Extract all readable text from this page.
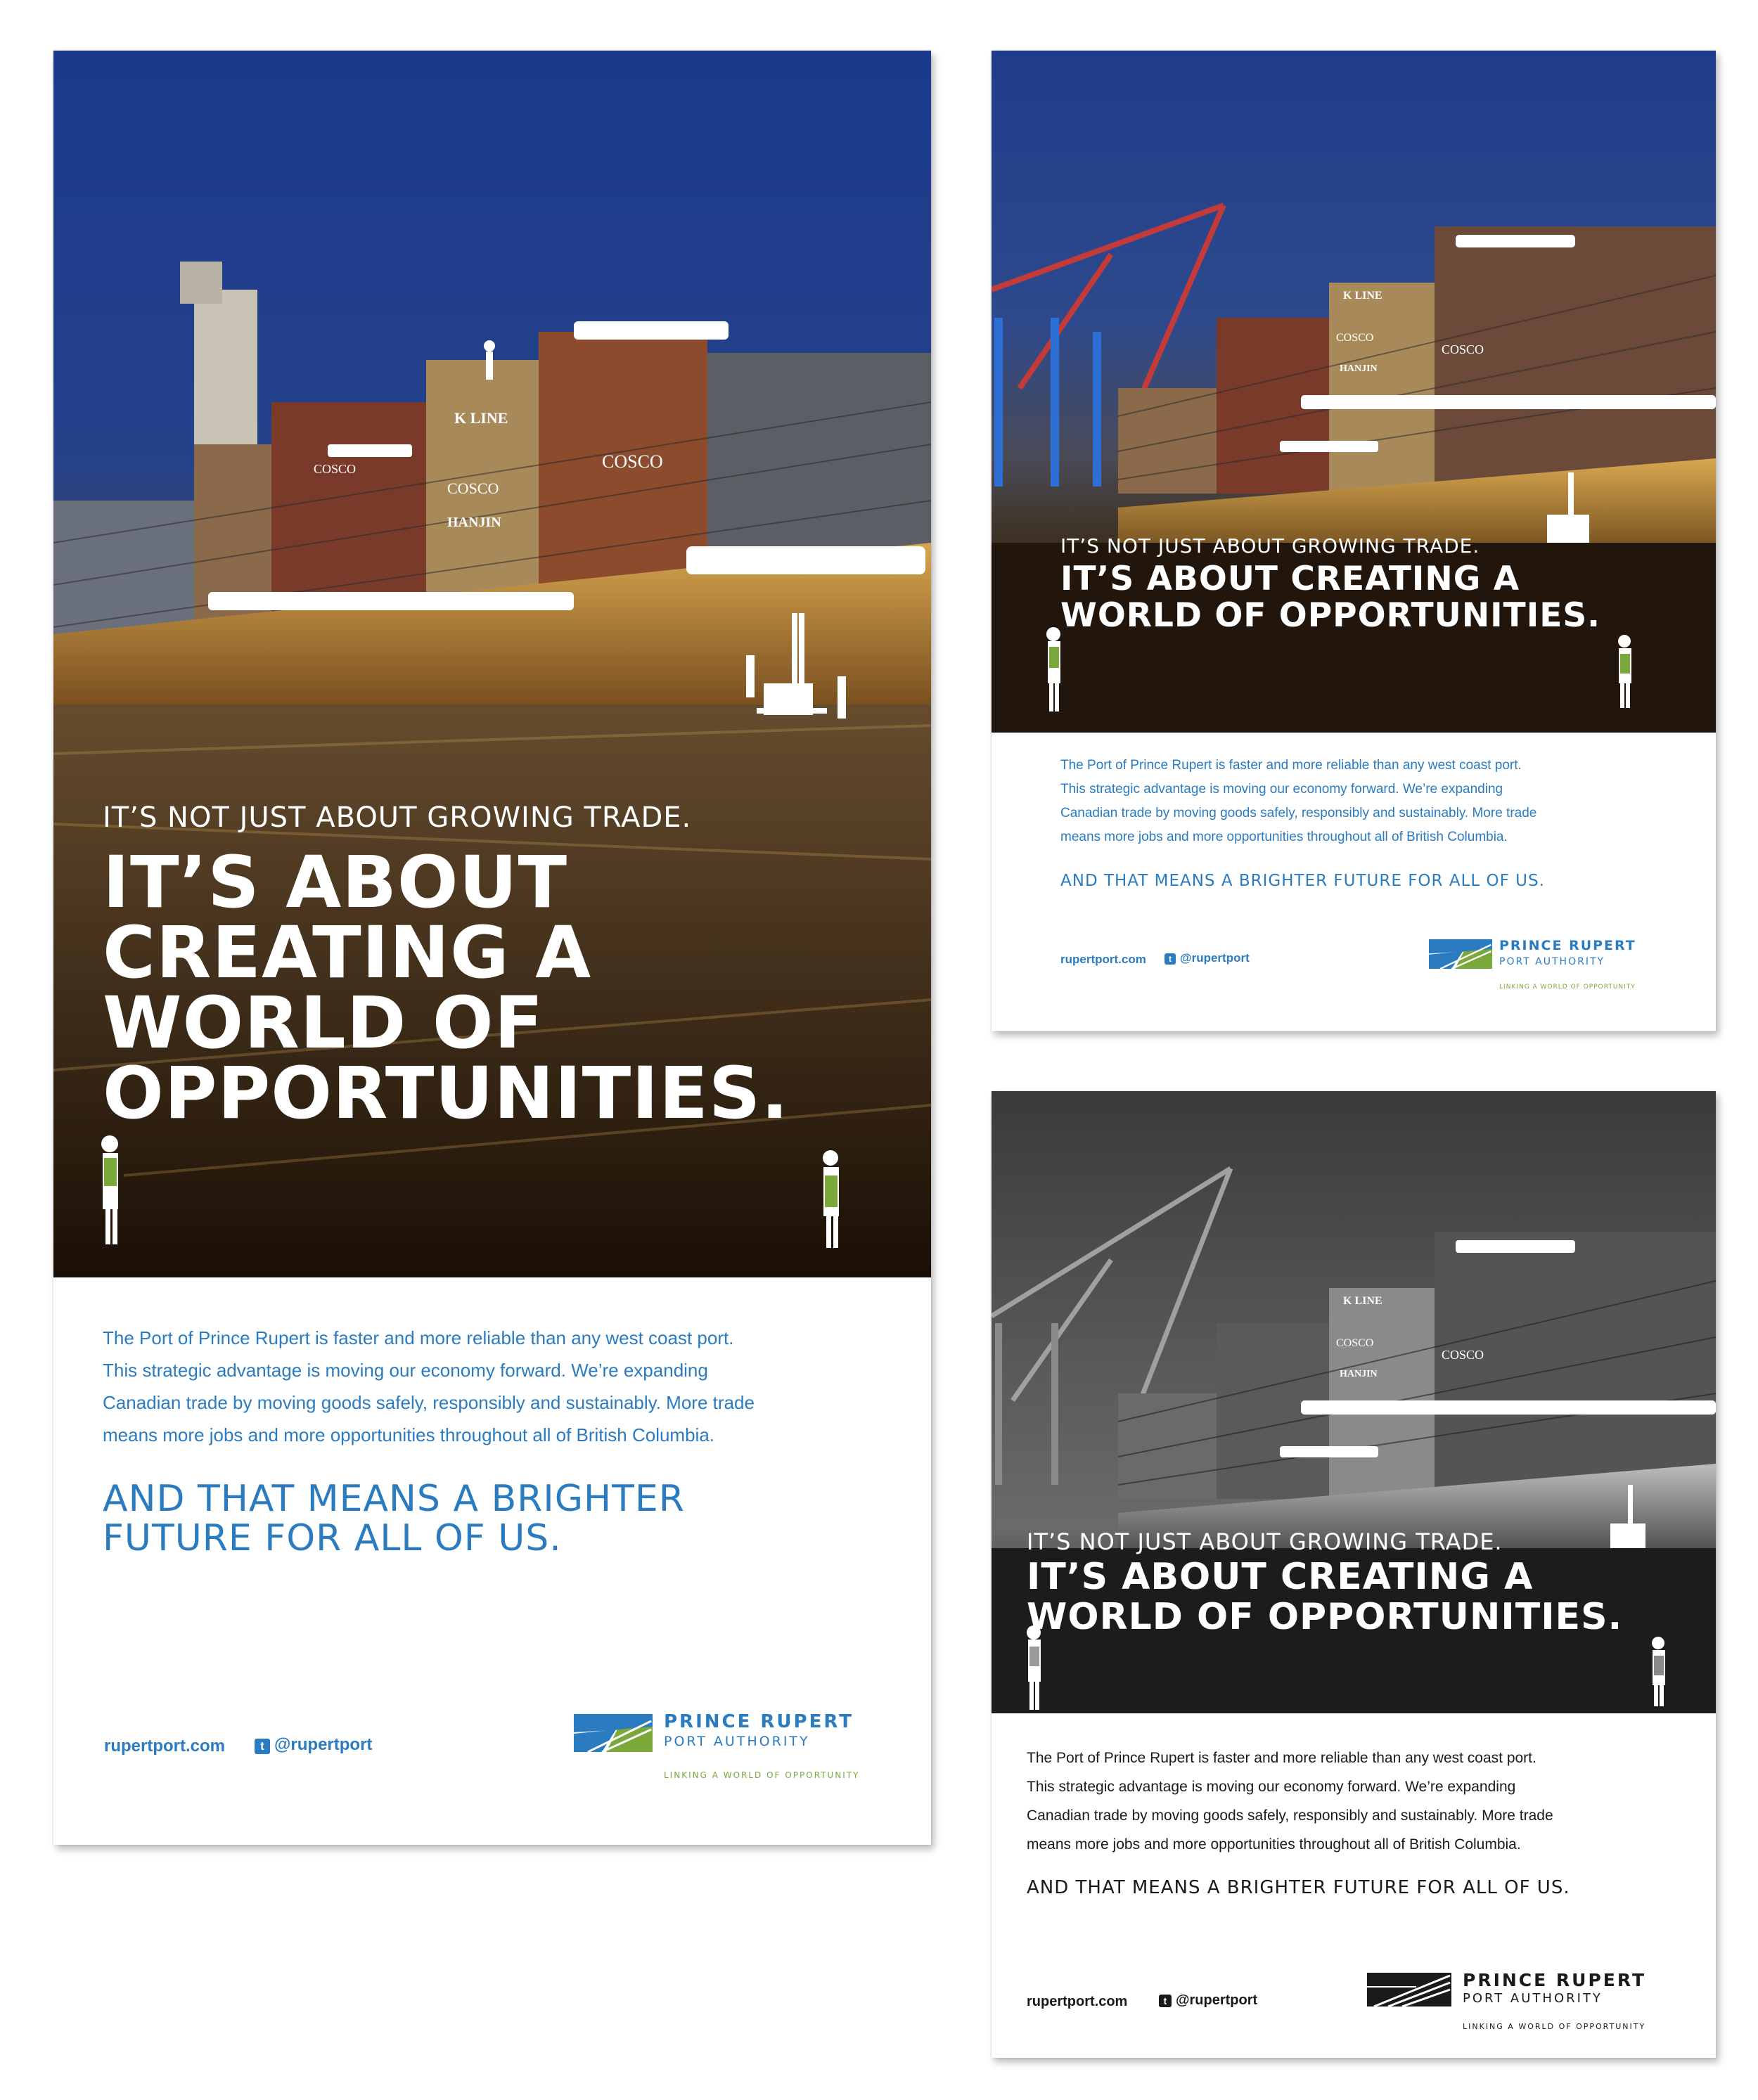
K LINE
COSCO
COSCO
HANJIN
COSCO
IT’S NOT JUST ABOUT GROWING TRADE.
IT’S ABOUT
CREATING A
WORLD OF
OPPORTUNITIES.
The Port of Prince Rupert is faster and more reliable than any west coast port.
This strategic advantage is moving our economy forward. We’re expanding
Canadian trade by moving goods safely, responsibly and sustainably. More trade
means more jobs and more opportunities throughout all of British Columbia.
AND THAT MEANS A BRIGHTER
FUTURE FOR ALL OF US.
rupertport.com	t @rupertport
PRINCE RUPERT
PORT AUTHORITY
LINKING A WORLD OF OPPORTUNITY
K LINE
COSCO
HANJIN
COSCO
IT’S NOT JUST ABOUT GROWING TRADE.
IT’S ABOUT CREATING A
WORLD OF OPPORTUNITIES.
The Port of Prince Rupert is faster and more reliable than any west coast port.
This strategic advantage is moving our economy forward. We’re expanding
Canadian trade by moving goods safely, responsibly and sustainably. More trade
means more jobs and more opportunities throughout all of British Columbia.
AND THAT MEANS A BRIGHTER FUTURE FOR ALL OF US.
rupertport.com	t @rupertport
PRINCE RUPERT
PORT AUTHORITY
LINKING A WORLD OF OPPORTUNITY
K LINE
COSCO
HANJIN
COSCO
IT’S NOT JUST ABOUT GROWING TRADE.
IT’S ABOUT CREATING A
WORLD OF OPPORTUNITIES.
The Port of Prince Rupert is faster and more reliable than any west coast port.
This strategic advantage is moving our economy forward. We’re expanding
Canadian trade by moving goods safely, responsibly and sustainably. More trade
means more jobs and more opportunities throughout all of British Columbia.
AND THAT MEANS A BRIGHTER FUTURE FOR ALL OF US.
rupertport.com	t @rupertport
PRINCE RUPERT
PORT AUTHORITY
LINKING A WORLD OF OPPORTUNITY
